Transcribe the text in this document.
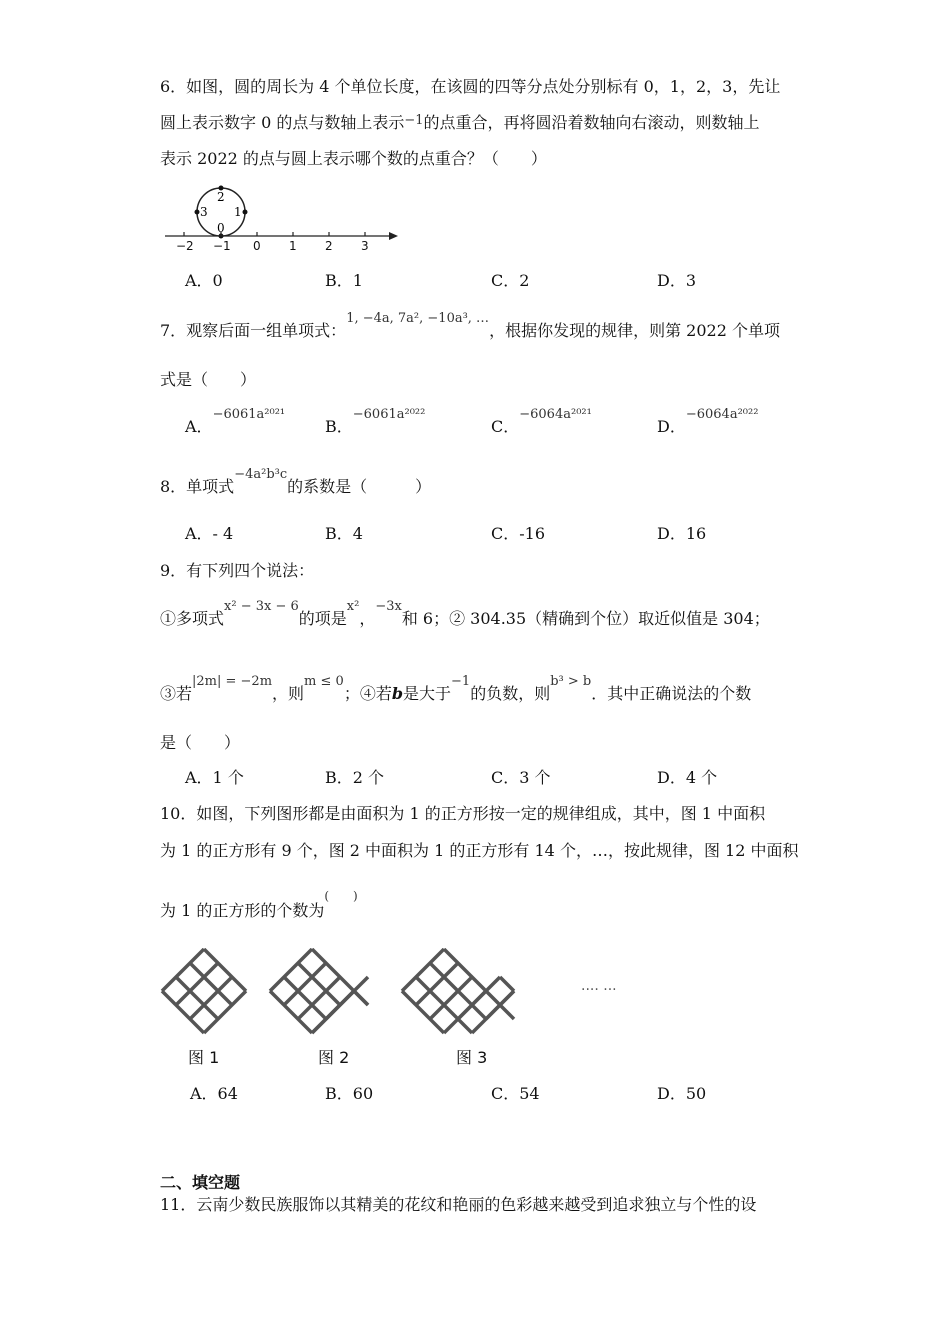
6．如图，圆的周长为 4 个单位长度，在该圆的四等分点处分别标有 0，1，2，3，先让
圆上表示数字 0 的点与数轴上表示$^{-1}$的点重合，再将圆沿着数轴向右滚动，则数轴上
表示 2022 的点与圆上表示哪个数的点重合？（　　）
2
0
3 1
−2 −1 0 1 2 3
A．0	B．1	C．2	D．3
7．观察后面一组单项式：$^{1, -4a, 7a^2, -10a^3, \dots}$，根据你发现的规律，则第 2022 个单项
式是（　　）
A．$^{-6061a^{2021}}$
B．$^{-6061a^{2022}}$
C．$^{-6064a^{2021}}$
D．$^{-6064a^{2022}}$
8．单项式$^{-4a^2b^3c}$的系数是（　　　）
A．- 4	B．4	C．-16	D．16
9．有下列四个说法：
①多项式$^{x^2 - 3x - 6}$的项是$^{x^2}$，$^{-3x}$和 6；② 304.35（精确到个位）取近似值是 304；
③若$^{|2m| = -2m}$，则$^{m \le 0}$；④若b是大于$^{-1}$的负数，则$^{b^3 > b}$．其中正确说法的个数
是（　　）
A．1 个	B．2 个	C．3 个	D．4 个
10．如图，下列图形都是由面积为 1 的正方形按一定的规律组成，其中，图 1 中面积
为 1 的正方形有 9 个，图 2 中面积为 1 的正方形有 14 个，…，按此规律，图 12 中面积
为 1 的正方形的个数为(　　)
···· ···
图 1	图 2	图 3
A．64	B．60	C．54	D．50
二、填空题
11．云南少数民族服饰以其精美的花纹和艳丽的色彩越来越受到追求独立与个性的设
